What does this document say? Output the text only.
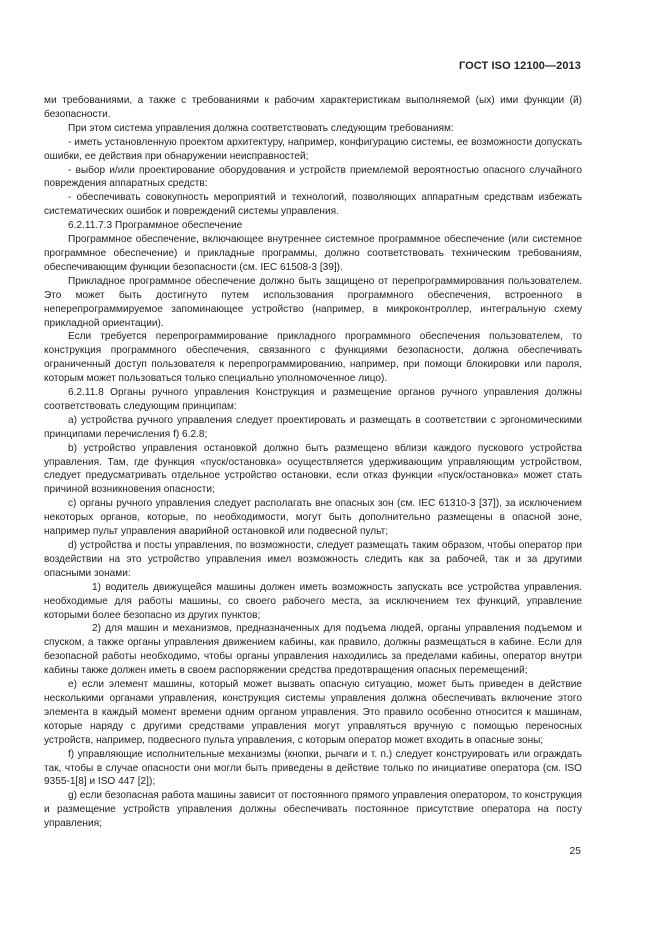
ГОСТ ISO 12100—2013

ми требованиями, а также с требованиями к рабочим характеристикам выполняемой (ых) ими функции (й) безопасности.

При этом система управления должна соответствовать следующим требованиям:

- иметь установленную проектом архитектуру, например, конфигурацию системы, ее возможности допускать ошибки, ее действия при обнаружении неисправностей;

- выбор и/или проектирование оборудования и устройств приемлемой вероятностью опасного случайного повреждения аппаратных средств:

- обеспечивать совокупность мероприятий и технологий, позволяющих аппаратным средствам избежать систематических ошибок и повреждений системы управления.

6.2.11.7.3 Программное обеспечение

Программное обеспечение, включающее внутреннее системное программное обеспечение (или системное программное обеспечение) и прикладные программы, должно соответствовать техническим требованиям, обеспечивающим функции безопасности (см. IEC 61508-3 [39]).

Прикладное программное обеспечение должно быть защищено от перепрограммирования пользователем. Это может быть достигнуто путем использования программного обеспечения, встроенного в неперепрограммируемое запоминающее устройство (например, в микроконтроллер, интегральную схему прикладной ориентации).

Если требуется перепрограммирование прикладного программного обеспечения пользователем, то конструкция программного обеспечения, связанного с функциями безопасности, должна обеспечивать ограниченный доступ пользователя к перепрограммированию, например, при помощи блокировки или пароля, которым может пользоваться только специально уполномоченное лицо).

6.2.11.8 Органы ручного управления Конструкция и размещение органов ручного управления должны соответствовать следующим принципам:

а) устройства ручного управления следует проектировать и размещать в соответствии с эргономическими принципами перечисления f) 6.2.8;

b) устройство управления остановкой должно быть размещено вблизи каждого пускового устройства управления. Там, где функция «пуск/остановка» осуществляется удерживающим управляющим устройством, следует предусматривать отдельное устройство остановки, если отказ функции «пуск/остановка» может стать причиной возникновения опасности;

с) органы ручного управления следует располагать вне опасных зон (см. IEC 61310-3 [37]), за исключением некоторых органов, которые, по необходимости, могут быть дополнительно размещены в опасной зоне, например пульт управления аварийной остановкой или подвесной пульт;

d) устройства и посты управления, по возможности, следует размещать таким образом, чтобы оператор при воздействии на это устройство управления имел возможность следить как за рабочей, так и за другими опасными зонами:

1) водитель движущейся машины должен иметь возможность запускать все устройства управления. необходимые для работы машины, со своего рабочего места, за исключением тех функций, управление которыми более безопасно из других пунктов;

2) для машин и механизмов, предназначенных для подъема людей, органы управления подъемом и спуском, а также органы управления движением кабины, как правило, должны размещаться в кабине. Если для безопасной работы необходимо, чтобы органы управления находились за пределами кабины, оператор внутри кабины также должен иметь в своем распоряжении средства предотвращения опасных перемещений;

е) если элемент машины, который может вызвать опасную ситуацию, может быть приведен в действие несколькими органами управления, конструкция системы управления должна обеспечивать включение этого элемента в каждый момент времени одним органом управления. Это правило особенно относится к машинам, которые наряду с другими средствами управления могут управляться вручную с помощью переносных устройств, например, подвесного пульта управления, с которым оператор может входить в опасные зоны;

f) управляющие исполнительные механизмы (кнопки, рычаги и т. п.) следует конструировать или ограждать так, чтобы в случае опасности они могли быть приведены в действие только по инициативе оператора (см. ISO 9355-1[8] и ISO 447 [2]);

g) если безопасная работа машины зависит от постоянного прямого управления оператором, то конструкция и размещение устройств управления должны обеспечивать постоянное присутствие оператора на посту управления;

25
